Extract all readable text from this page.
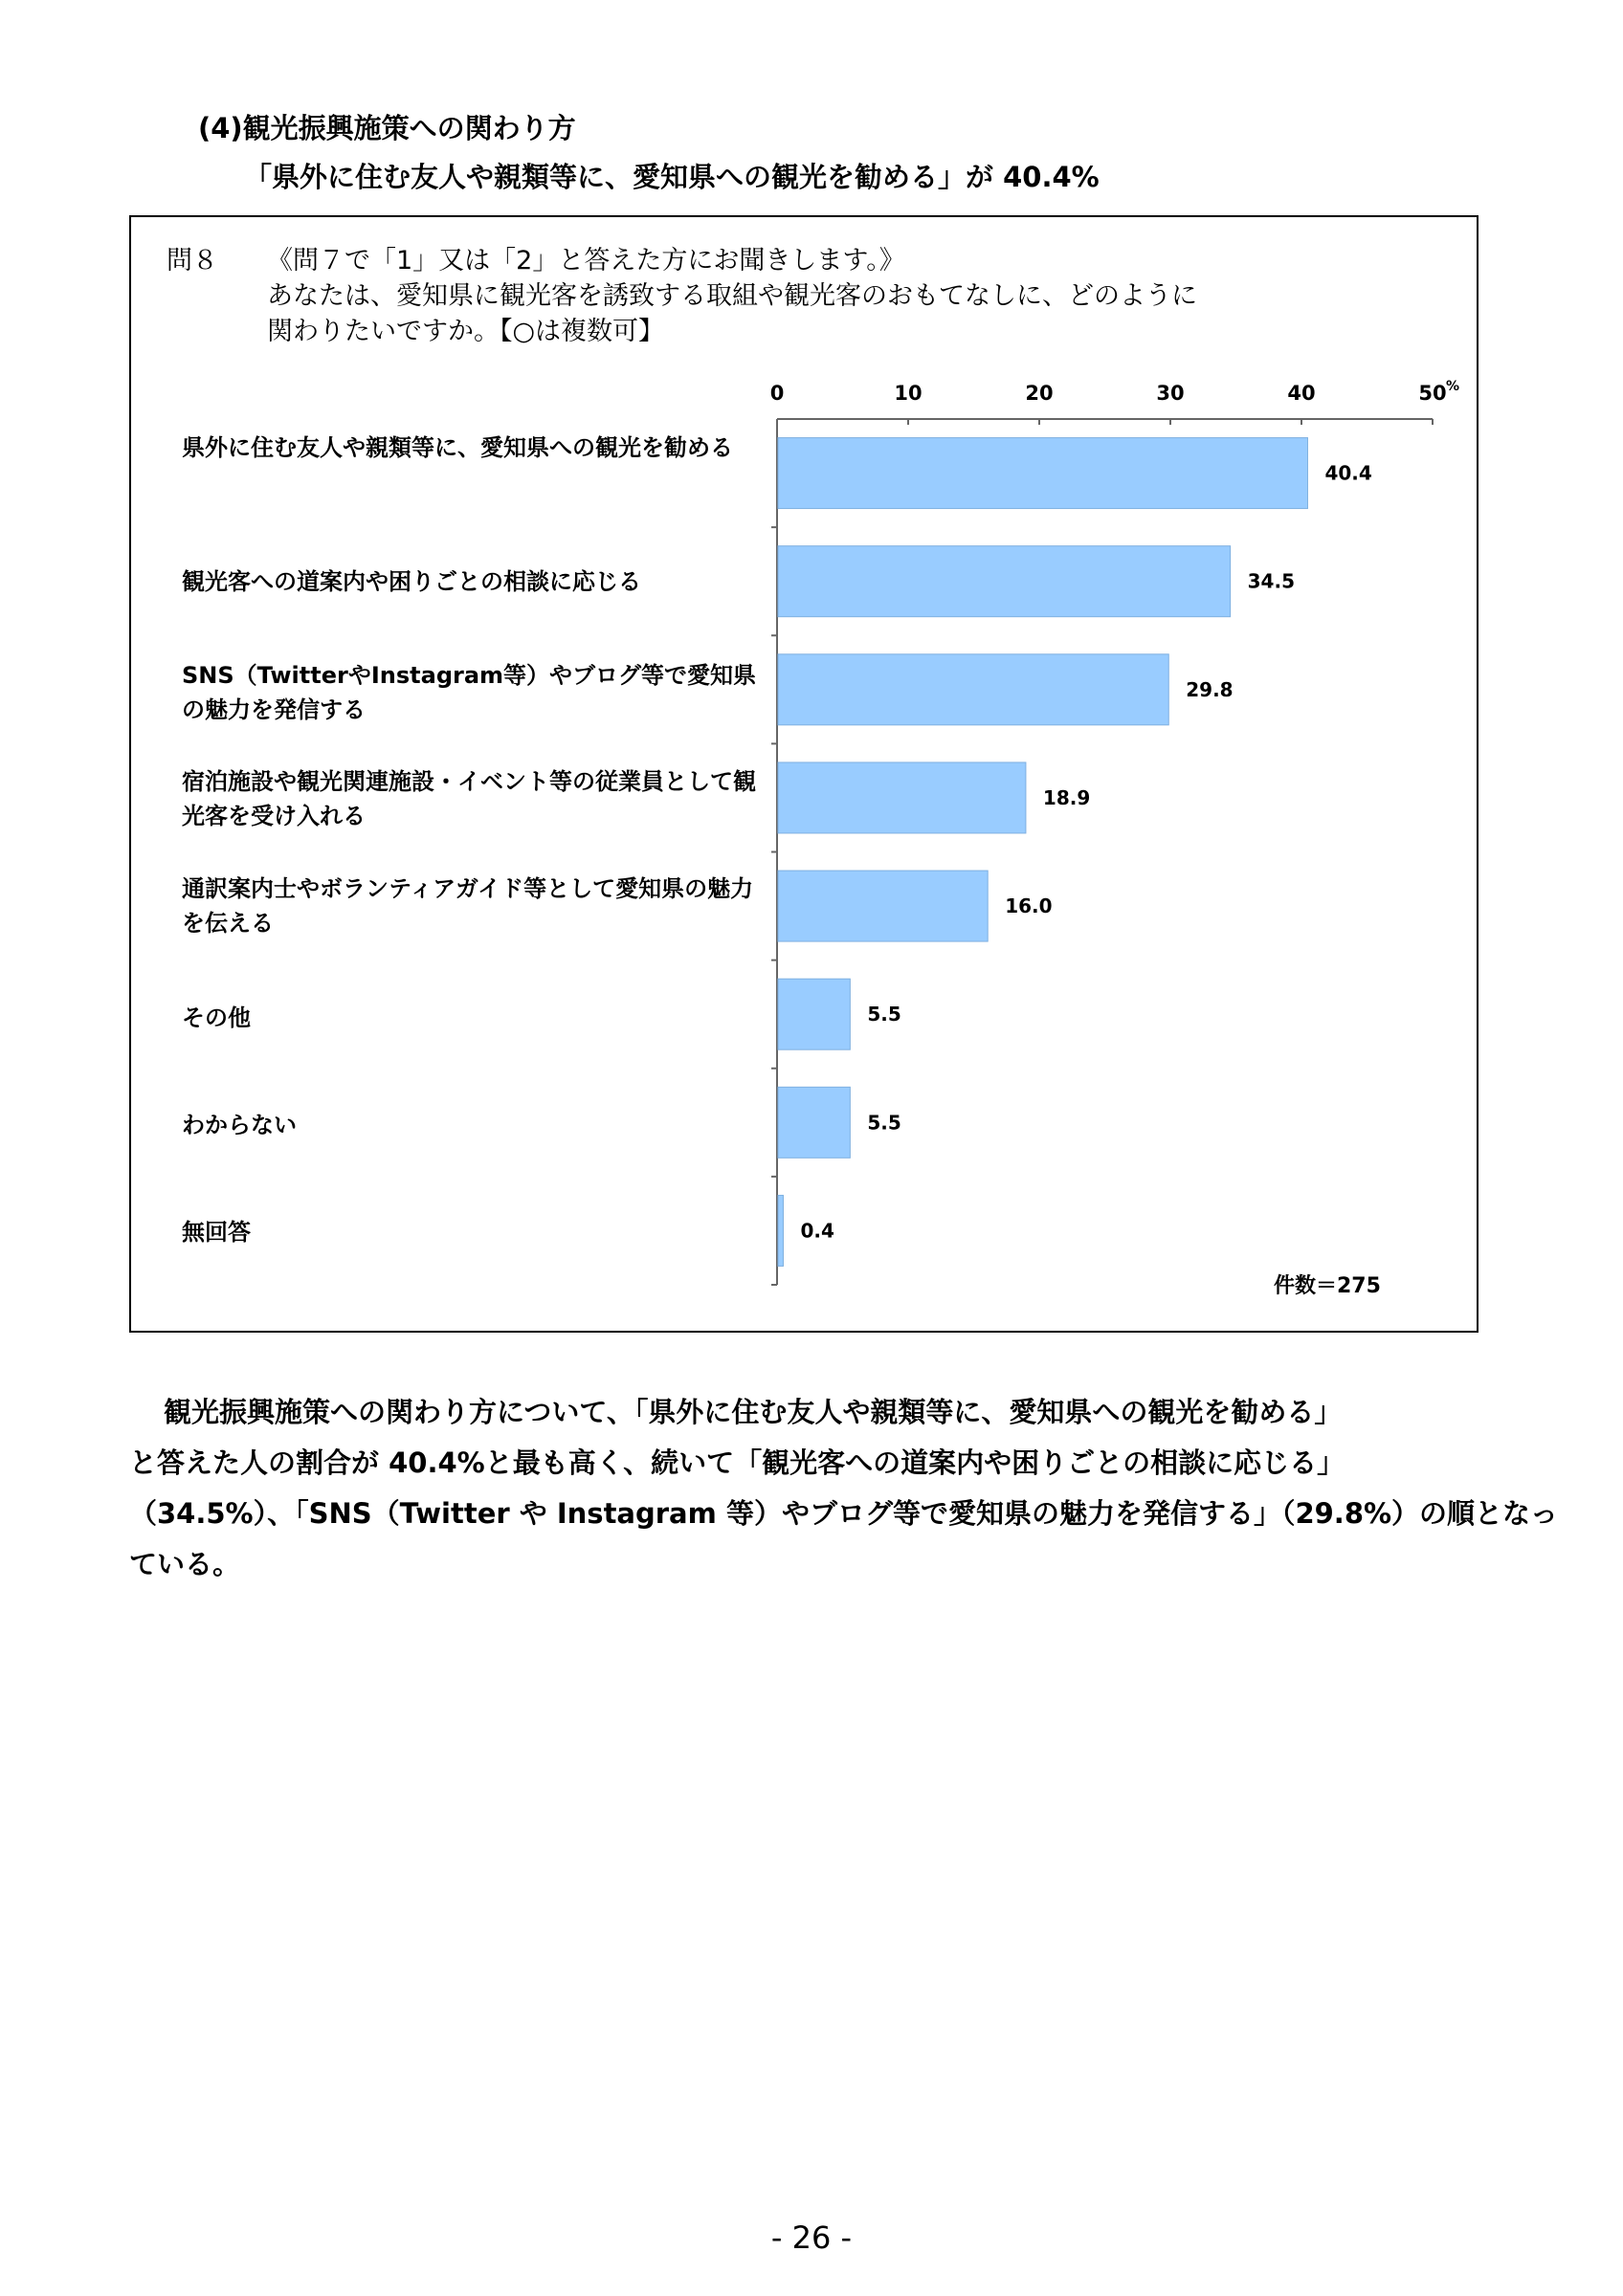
(4)観光振興施策への関わり方
「県外に住む友人や親類等に、愛知県への観光を勧める」が 40.4%
問８ 《問７で「1」又は「2」と答えた方にお聞きします。》
あなたは、愛知県に観光客を誘致する取組や観光客のおもてなしに、どのように
関わりたいですか。【○は複数可】
県外に住む友人や親類等に、愛知県への観光を勧める
観光客への道案内や困りごとの相談に応じる
SNS（TwitterやInstagram等）やブログ等で愛知県の魅力を発信する
宿泊施設や観光関連施設・イベント等の従業員として観光客を受け入れる
通訳案内士やボランティアガイド等として愛知県の魅力を伝える
その他
わからない
無回答
0	10	20	30	40	50 %
40.4
34.5
29.8
18.9
16.0
5.5
5.5
0.4
件数＝275

観光振興施策への関わり方について、「県外に住む友人や親類等に、愛知県への観光を勧める」

と答えた人の割合が 40.4%と最も高く、続いて「観光客への道案内や困りごとの相談に応じる」

（34.5%）、「SNS（Twitter や Instagram 等）やブログ等で愛知県の魅力を発信する」（29.8%）の順となっ

ている。

- 26 -
